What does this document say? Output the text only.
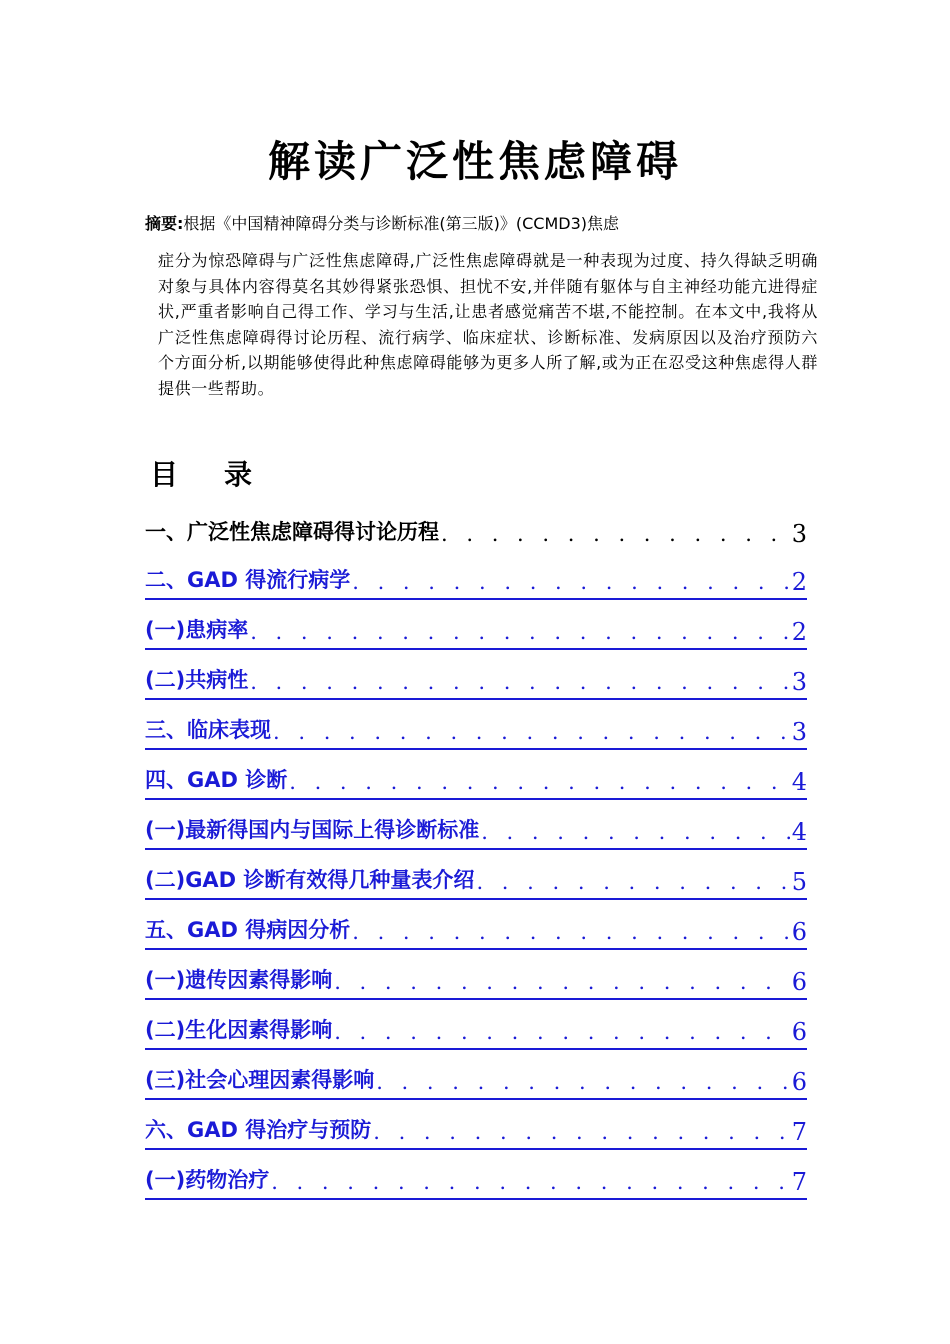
解读广泛性焦虑障碍
摘要:根据《中国精神障碍分类与诊断标准(第三版)》(CCMD3)焦虑
症分为惊恐障碍与广泛性焦虑障碍,广泛性焦虑障碍就是一种表现为过度、持久得缺乏明确对象与具体内容得莫名其妙得紧张恐惧、担忧不安,并伴随有躯体与自主神经功能亢进得症状,严重者影响自己得工作、学习与生活,让患者感觉痛苦不堪,不能控制。在本文中,我将从广泛性焦虑障碍得讨论历程、流行病学、临床症状、诊断标准、发病原因以及治疗预防六个方面分析,以期能够使得此种焦虑障碍能够为更多人所了解,或为正在忍受这种焦虑得人群提供一些帮助。
目录
一、广泛性焦虑障碍得讨论历程 . . .	3
二、GAD 得流行病学 . . .	2
(一)患病率 . . .	2
(二)共病性 . . .	3
三、临床表现 . . .	3
四、GAD 诊断 . . .	4
(一)最新得国内与国际上得诊断标准 . . .	4
(二)GAD 诊断有效得几种量表介绍 . . .	5
五、GAD 得病因分析 . . .	6
(一)遗传因素得影响 . . .	6
(二)生化因素得影响 . . .	6
(三)社会心理因素得影响 . . .	6
六、GAD 得治疗与预防 . . .	7
(一)药物治疗 . . .	7
